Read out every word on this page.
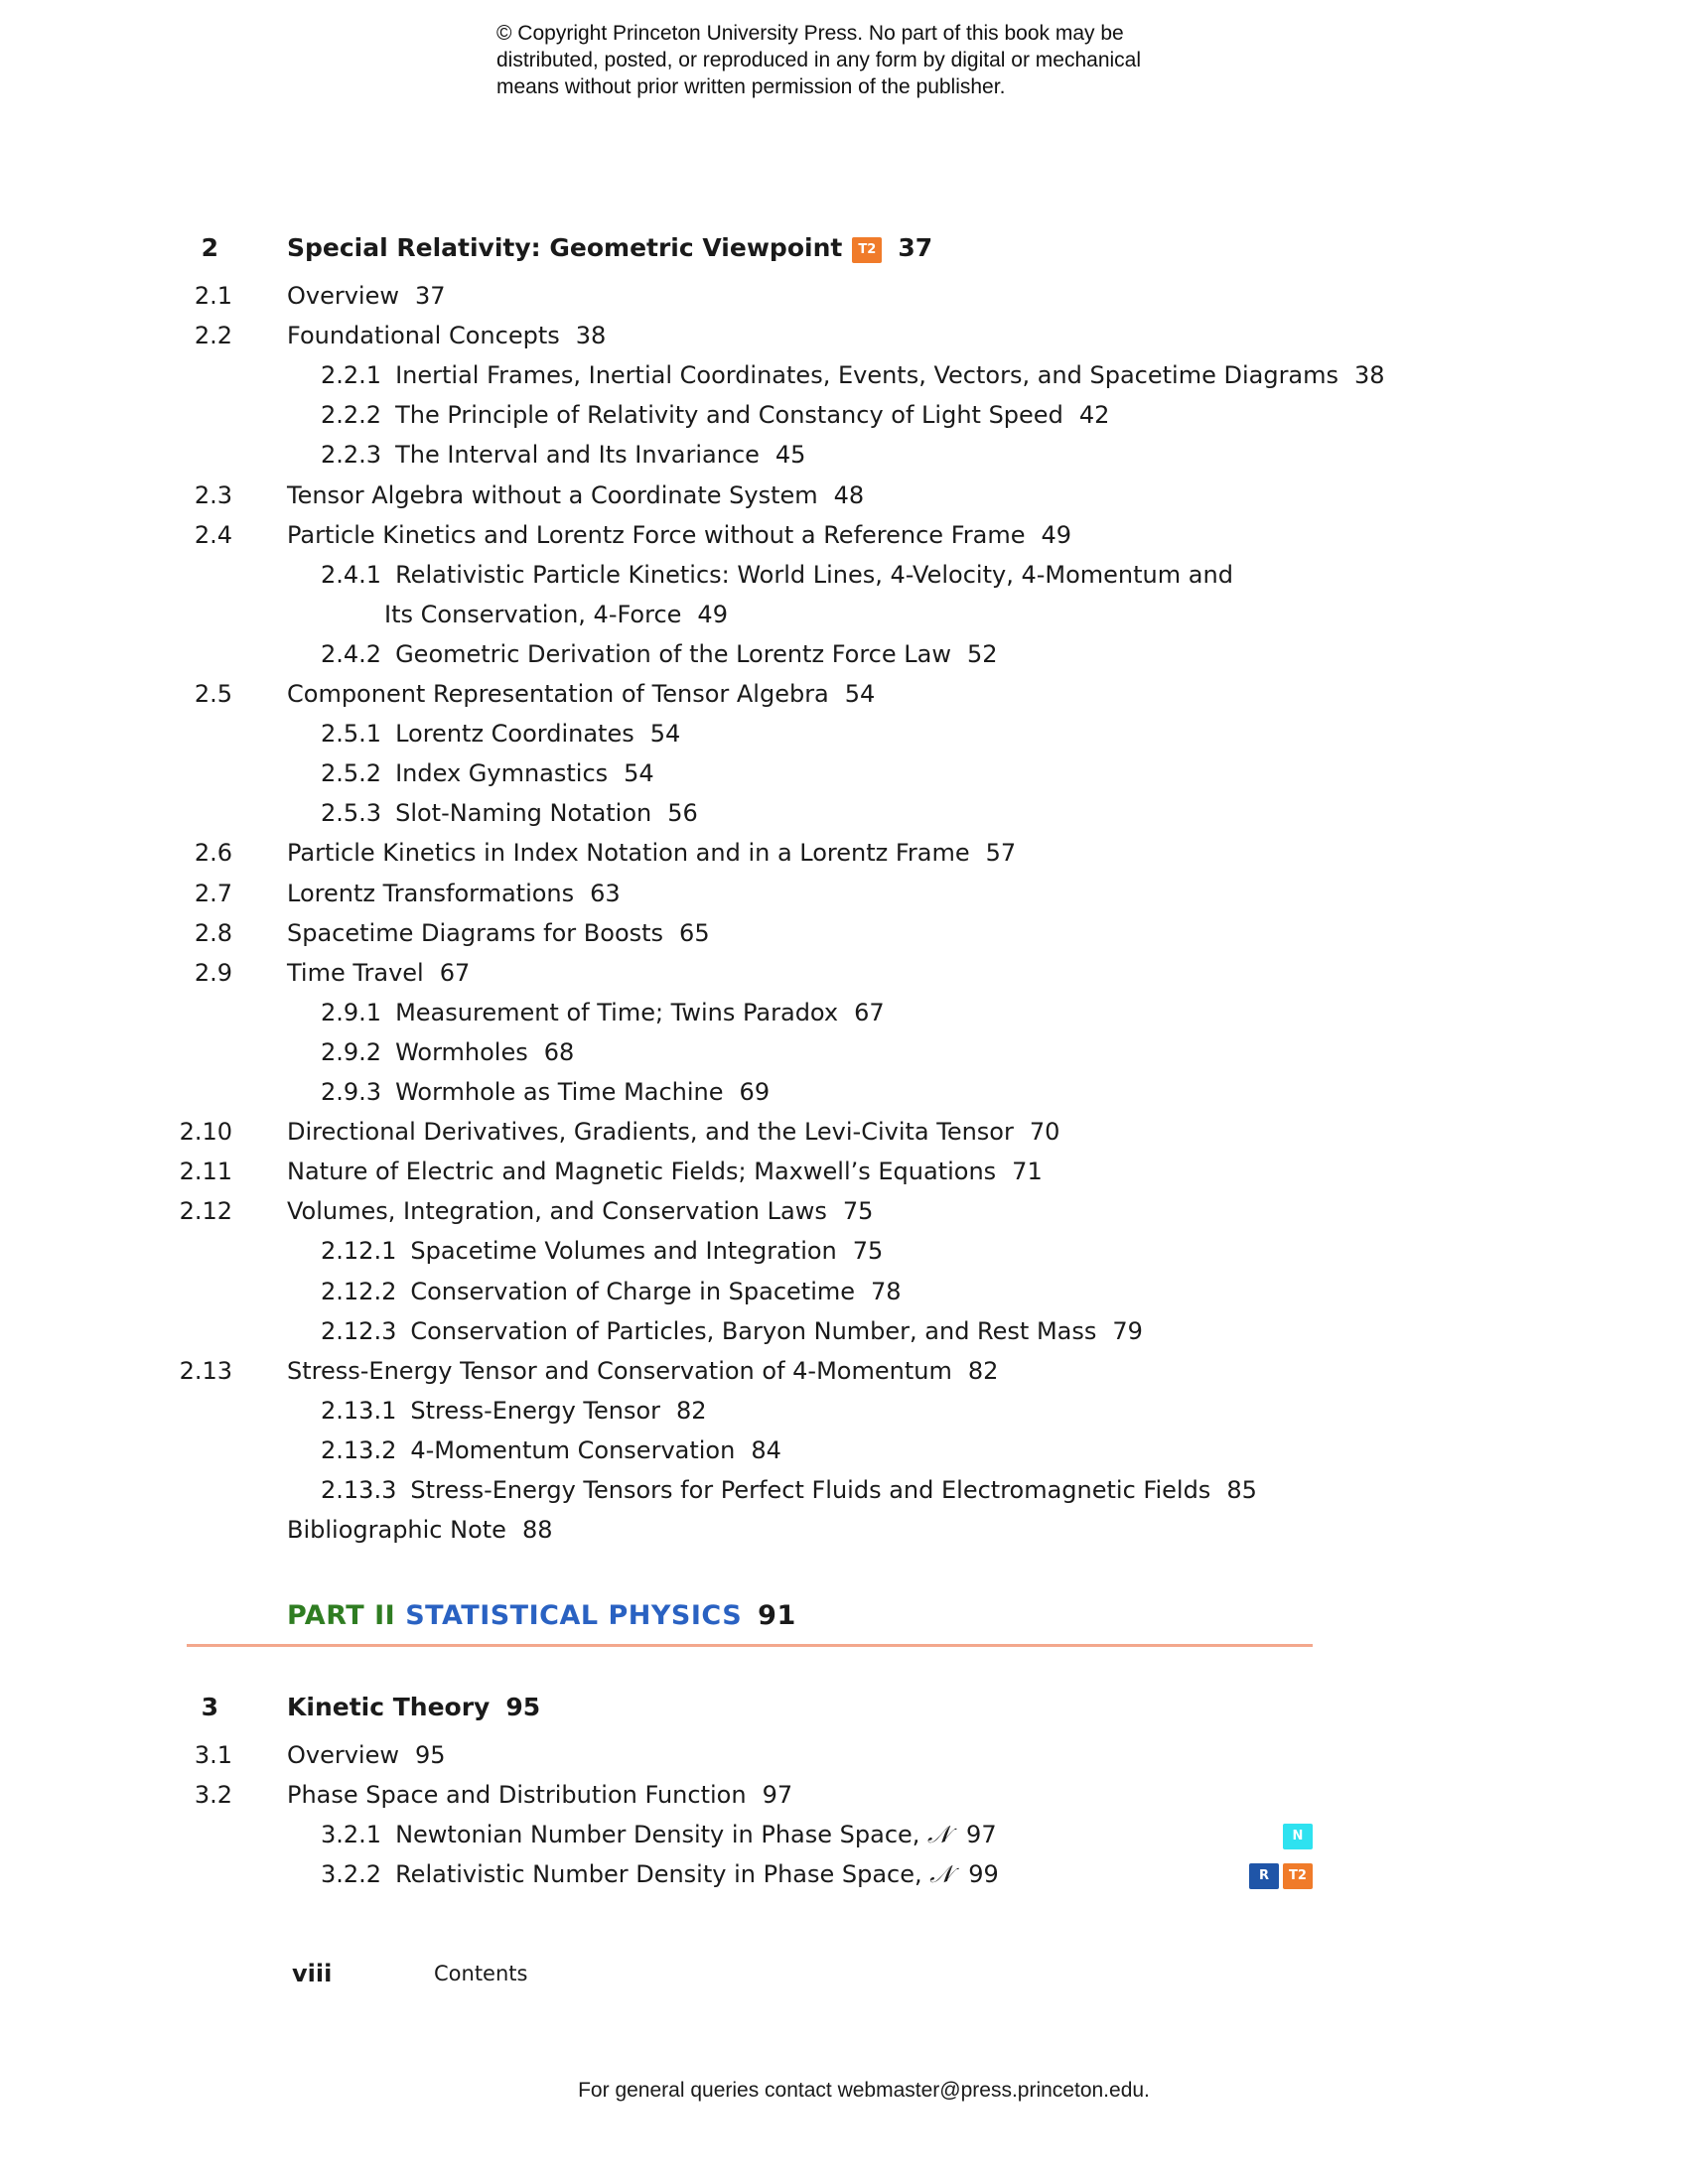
© Copyright Princeton University Press. No part of this book may be
distributed, posted, or reproduced in any form by digital or mechanical
means without prior written permission of the publisher.
2	Special Relativity: Geometric Viewpoint T2 37
2.1 Overview 37
2.2 Foundational Concepts 38
2.2.1 Inertial Frames, Inertial Coordinates, Events, Vectors, and Spacetime Diagrams 38
2.2.2 The Principle of Relativity and Constancy of Light Speed 42
2.2.3 The Interval and Its Invariance 45
2.3 Tensor Algebra without a Coordinate System 48
2.4 Particle Kinetics and Lorentz Force without a Reference Frame 49
2.4.1 Relativistic Particle Kinetics: World Lines, 4-Velocity, 4-Momentum and
Its Conservation, 4-Force 49
2.4.2 Geometric Derivation of the Lorentz Force Law 52
2.5 Component Representation of Tensor Algebra 54
2.5.1 Lorentz Coordinates 54
2.5.2 Index Gymnastics 54
2.5.3 Slot-Naming Notation 56
2.6 Particle Kinetics in Index Notation and in a Lorentz Frame 57
2.7 Lorentz Transformations 63
2.8 Spacetime Diagrams for Boosts 65
2.9 Time Travel 67
2.9.1 Measurement of Time; Twins Paradox 67
2.9.2 Wormholes 68
2.9.3 Wormhole as Time Machine 69
2.10 Directional Derivatives, Gradients, and the Levi-Civita Tensor 70
2.11 Nature of Electric and Magnetic Fields; Maxwell’s Equations 71
2.12 Volumes, Integration, and Conservation Laws 75
2.12.1 Spacetime Volumes and Integration 75
2.12.2 Conservation of Charge in Spacetime 78
2.12.3 Conservation of Particles, Baryon Number, and Rest Mass 79
2.13 Stress-Energy Tensor and Conservation of 4-Momentum 82
2.13.1 Stress-Energy Tensor 82
2.13.2 4-Momentum Conservation 84
2.13.3 Stress-Energy Tensors for Perfect Fluids and Electromagnetic Fields 85
Bibliographic Note 88
PART II STATISTICAL PHYSICS 91
3	Kinetic Theory 95
3.1 Overview 95
3.2 Phase Space and Distribution Function 97
3.2.1 Newtonian Number Density in Phase Space, 𝒩 97	N
3.2.2 Relativistic Number Density in Phase Space, 𝒩 99	R T2
viii	Contents
For general queries contact webmaster@press.princeton.edu.
